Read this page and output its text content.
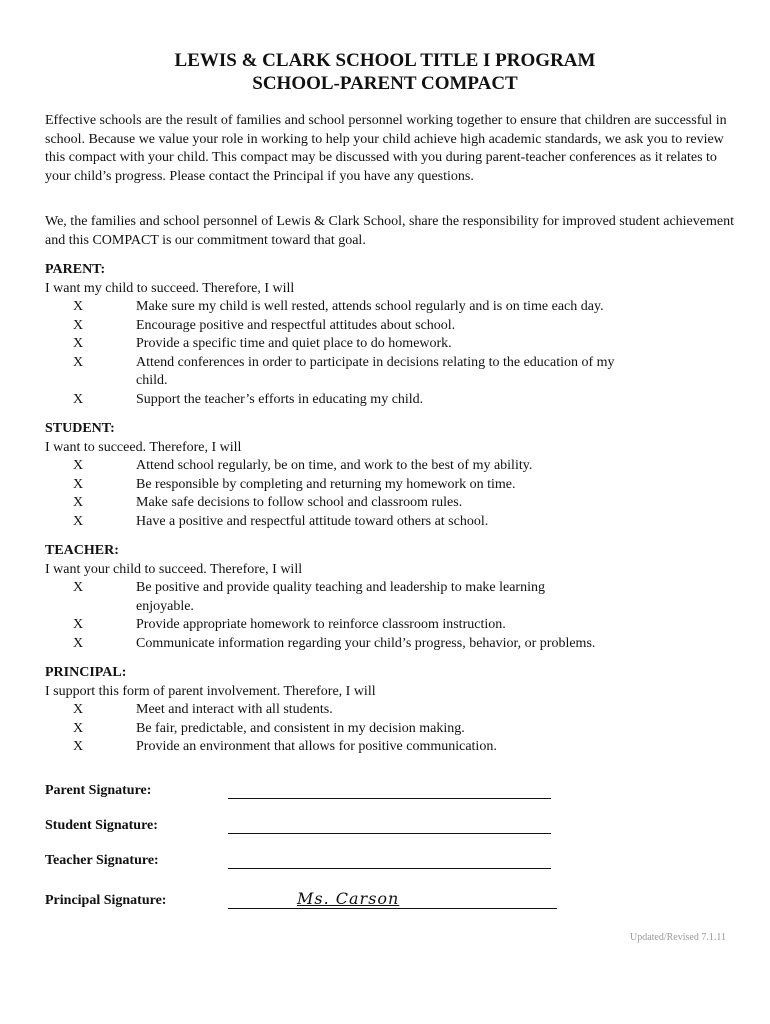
LEWIS & CLARK SCHOOL TITLE I PROGRAM
SCHOOL-PARENT COMPACT

Effective schools are the result of families and school personnel working together to ensure that children are successful in school. Because we value your role in working to help your child achieve high academic standards, we ask you to review this compact with your child. This compact may be discussed with you during parent-teacher conferences as it relates to your child’s progress. Please contact the Principal if you have any questions.

We, the families and school personnel of Lewis & Clark School, share the responsibility for improved student achievement and this COMPACT is our commitment toward that goal.

PARENT:

I want my child to succeed. Therefore, I will

X	Make sure my child is well rested, attends school regularly and is on time each day.
X	Encourage positive and respectful attitudes about school.
X	Provide a specific time and quiet place to do homework.
X	Attend conferences in order to participate in decisions relating to the education of my child.
X	Support the teacher’s efforts in educating my child.
STUDENT:

I want to succeed. Therefore, I will

X	Attend school regularly, be on time, and work to the best of my ability.
X	Be responsible by completing and returning my homework on time.
X	Make safe decisions to follow school and classroom rules.
X	Have a positive and respectful attitude toward others at school.
TEACHER:

I want your child to succeed. Therefore, I will

X	Be positive and provide quality teaching and leadership to make learning enjoyable.
X	Provide appropriate homework to reinforce classroom instruction.
X	Communicate information regarding your child’s progress, behavior, or problems.
PRINCIPAL:

I support this form of parent involvement. Therefore, I will

X	Meet and interact with all students.
X	Be fair, predictable, and consistent in my decision making.
X	Provide an environment that allows for positive communication.
Parent Signature:
Student Signature:
Teacher Signature:
Principal Signature:	Ms. Carson
Updated/Revised 7.1.11
